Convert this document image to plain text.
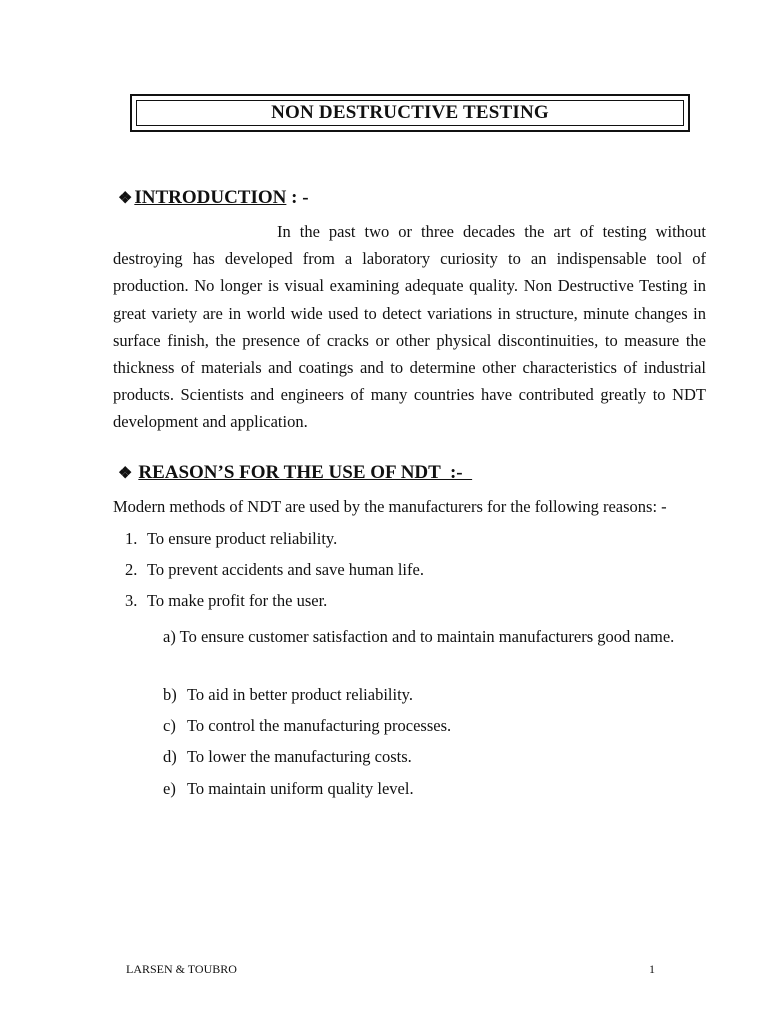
NON DESTRUCTIVE TESTING
❖ INTRODUCTION : -

In the past two or three decades the art of testing without destroying has developed from a laboratory curiosity to an indispensable tool of production. No longer is visual examining adequate quality. Non Destructive Testing in great variety are in world wide used to detect variations in structure, minute changes in surface finish, the presence of cracks or other physical discontinuities, to measure the thickness of materials and coatings and to determine other characteristics of industrial products. Scientists and engineers of many countries have contributed greatly to NDT development and application.

❖ REASON’S FOR THE USE OF NDT  :-
Modern methods of NDT are used by the manufacturers for the following reasons: -
1. To ensure product reliability.
2. To prevent accidents and save human life.
3. To make profit for the user.

a) To ensure customer satisfaction and to maintain manufacturers good name.

b) To aid in better product reliability.
c) To control the manufacturing processes.
d) To lower the manufacturing costs.
e) To maintain uniform quality level.
LARSEN & TOUBRO	1
